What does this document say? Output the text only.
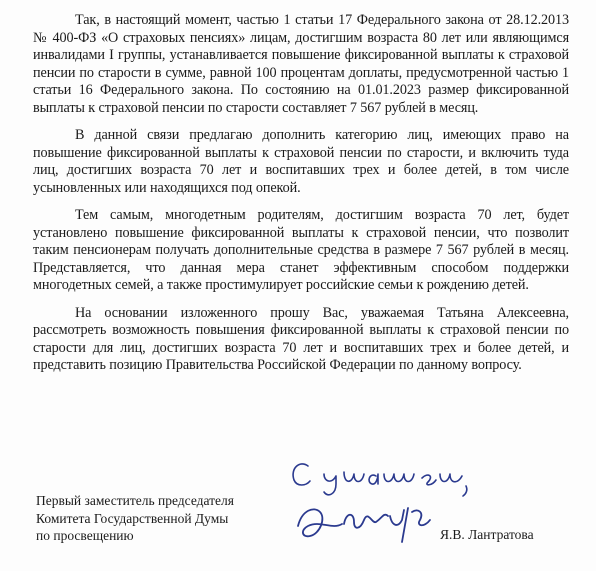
Так, в настоящий момент, частью 1 статьи 17 Федерального закона от 28.12.2013 № 400-ФЗ «О страховых пенсиях» лицам, достигшим возраста 80 лет или являющимся инвалидами I группы, устанавливается повышение фиксированной выплаты к страховой пенсии по старости в сумме, равной 100 процентам доплаты, предусмотренной частью 1 статьи 16 Федерального закона. По состоянию на 01.01.2023 размер фиксированной выплаты к страховой пенсии по старости составляет 7 567 рублей в месяц.

В данной связи предлагаю дополнить категорию лиц, имеющих право на повышение фиксированной выплаты к страховой пенсии по старости, и включить туда лиц, достигших возраста 70 лет и воспитавших трех и более детей, в том числе усыновленных или находящихся под опекой.

Тем самым, многодетным родителям, достигшим возраста 70 лет, будет установлено повышение фиксированной выплаты к страховой пенсии, что позволит таким пенсионерам получать дополнительные средства в размере 7 567 рублей в месяц. Представляется, что данная мера станет эффективным способом поддержки многодетных семей, а также простимулирует российские семьи к рождению детей.

На основании изложенного прошу Вас, уважаемая Татьяна Алексеевна, рассмотреть возможность повышения фиксированной выплаты к страховой пенсии по старости для лиц, достигших возраста 70 лет и воспитавших трех и более детей, и представить позицию Правительства Российской Федерации по данному вопросу.

Первый заместитель председателя
Комитета Государственной Думы
по просвещению	Я.В. Лантратова
